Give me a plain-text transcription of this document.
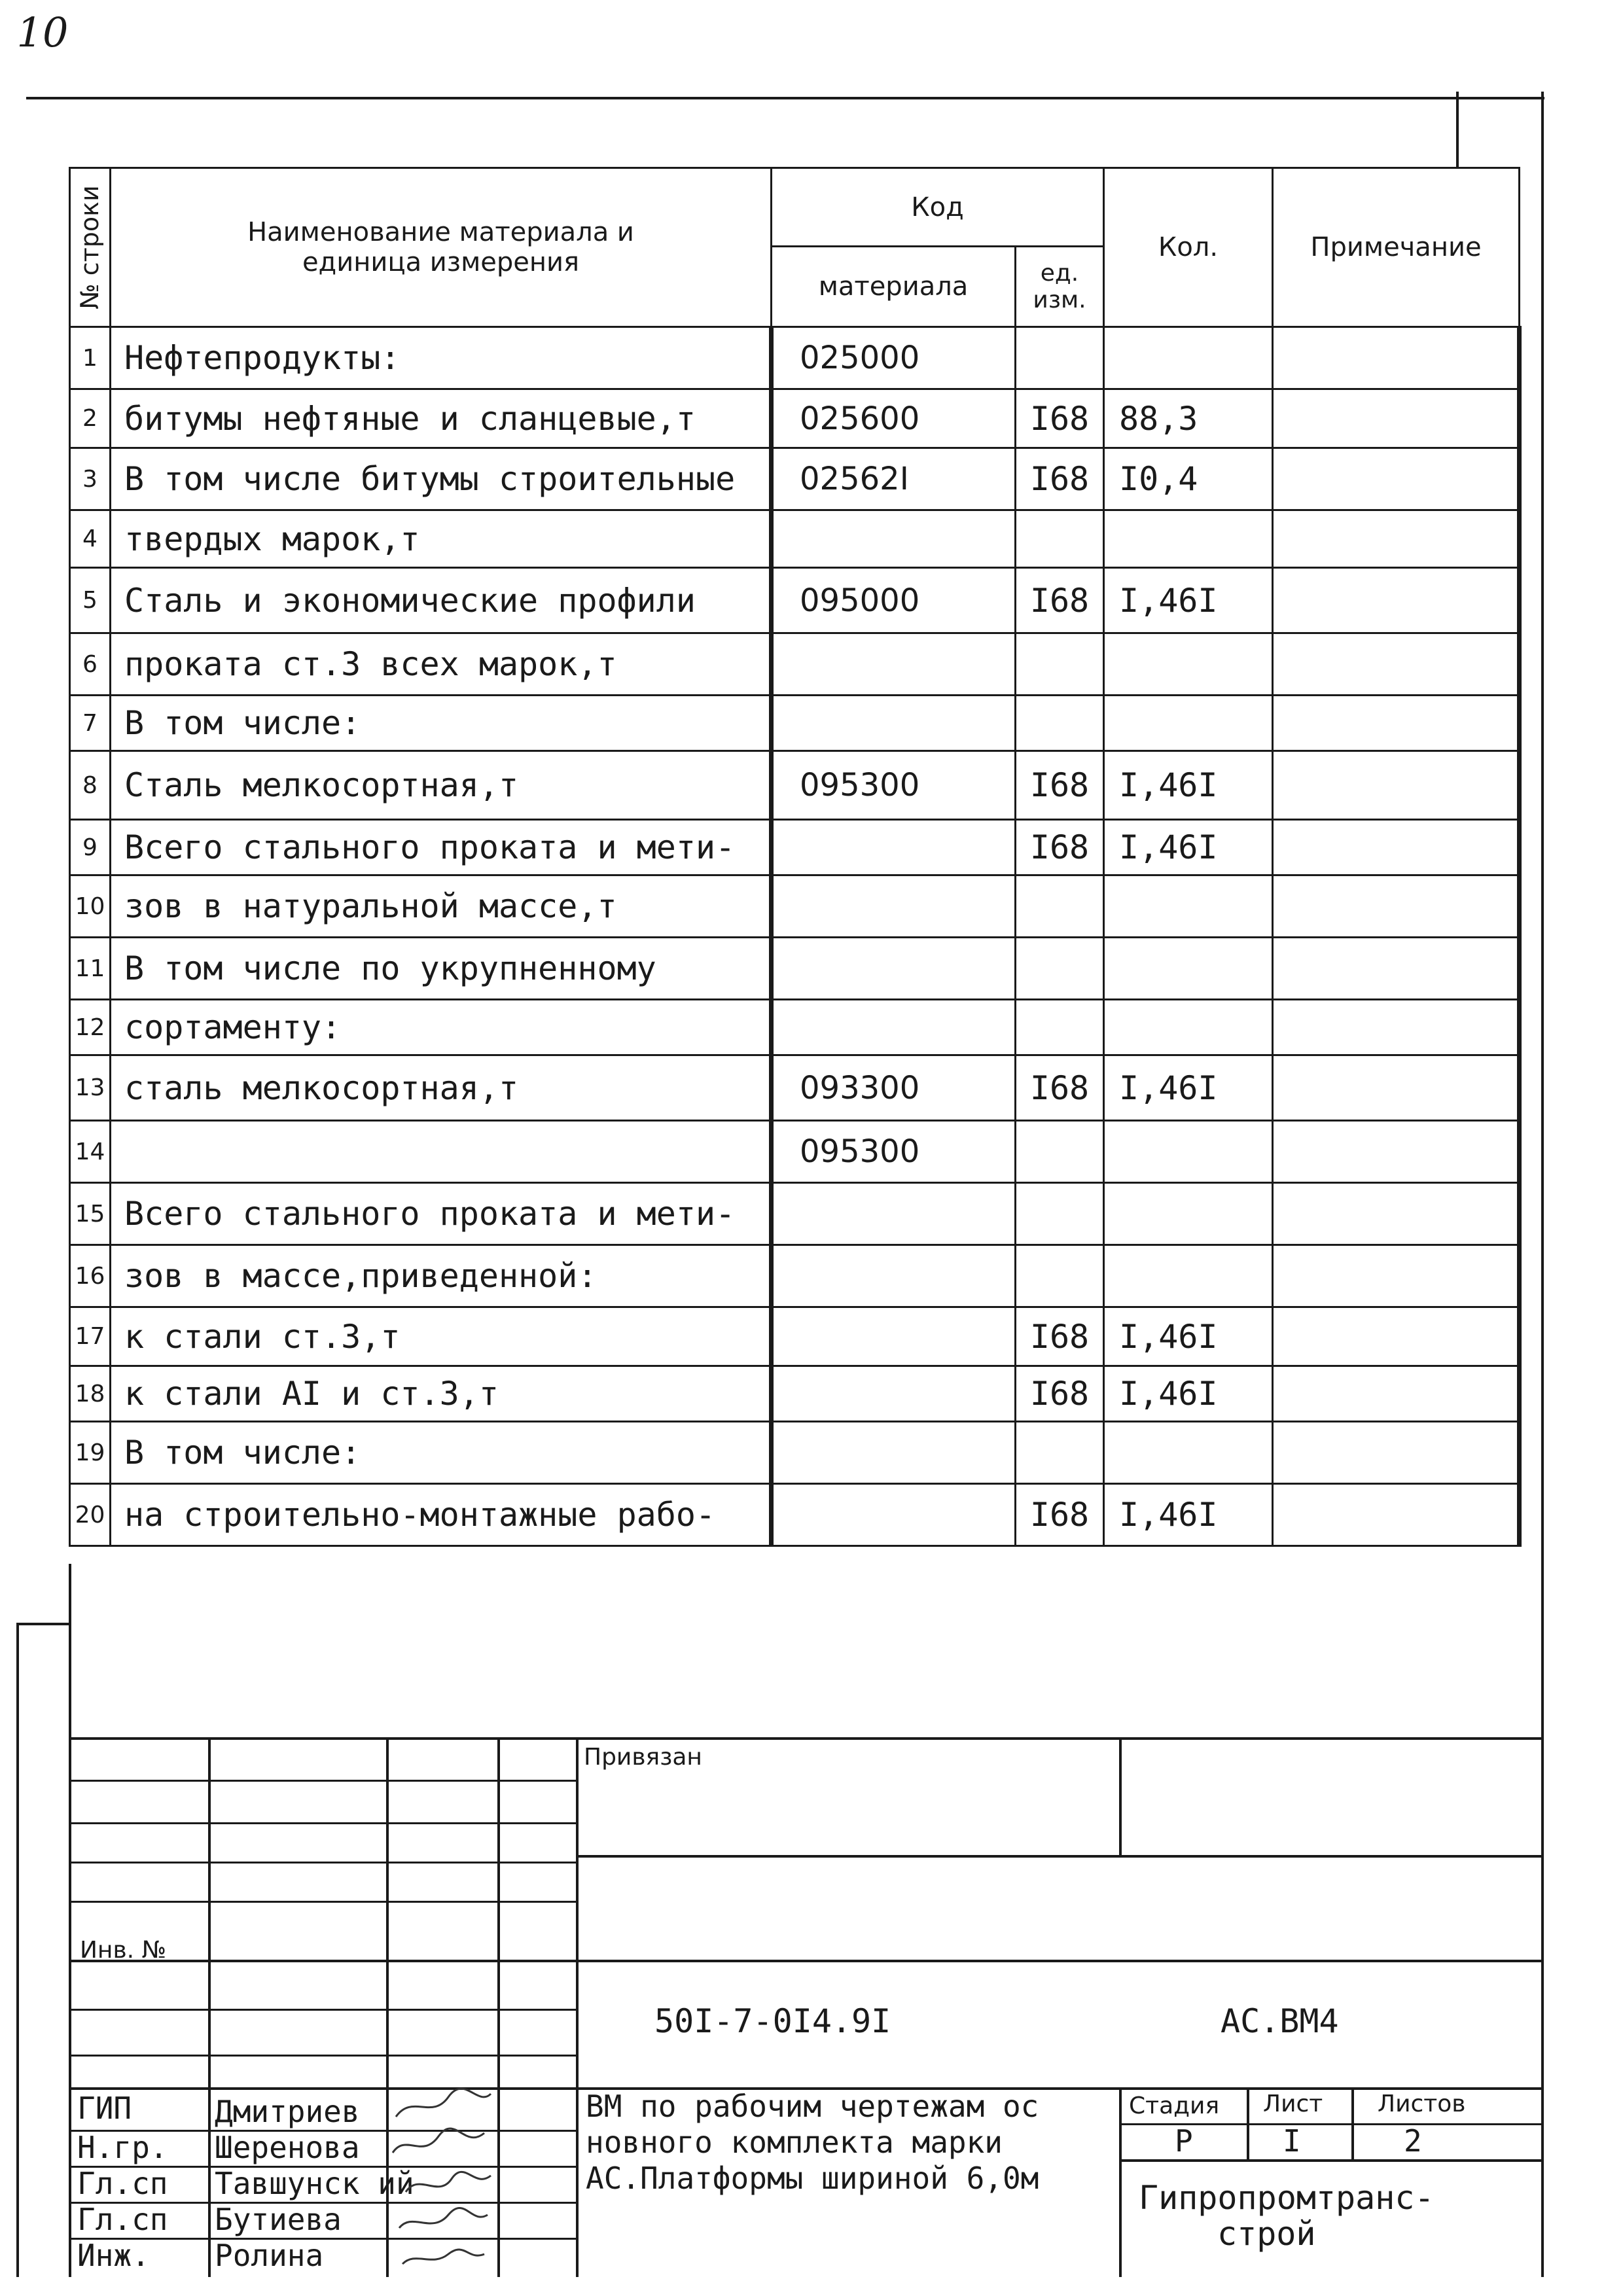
10
№ строки	Наименование материала и единица измерения	Код		Кол.	Примечание
		материала	ед. изм.		
1	Нефтепродукты:	025000			
2	битумы нефтяные и сланцевые,т	025600	I68	88,3	
3	В том числе битумы строительные	02562I	I68	I0,4	
4	твердых марок,т				
5	Сталь и экономические профили	095000	I68	I,46I	
6	проката ст.3 всех марок,т				
7	В том числе:				
8	Сталь мелкосортная,т	095300	I68	I,46I	
9	Всего стального проката и мети-		I68	I,46I	
10	зов в натуральной массе,т				
11	В том числе по укрупненному				
12	сортаменту:				
13	сталь мелкосортная,т	093300	I68	I,46I	
14		095300			
15	Всего стального проката и мети-				
16	зов в массе,приведенной:				
17	к стали ст.3,т		I68	I,46I	
18	к стали АI и ст.3,т		I68	I,46I	
19	В том числе:				
20	на строительно-монтажные рабо-		I68	I,46I	
Привязан
Инв. №
50I-7-0I4.9I	АС.ВМ4
ВМ по рабочим чертежам ос
новного комплекта марки
АС.Платформы шириной 6,0м
Стадия Лист Листов
Р	I	2
Гипропромтранс-
строй
ГИП	Дмитриев
Н.гр. Шеренова
Гл.сп Тавшунск ий
Гл.сп Бутиева
Инж. Ролина
